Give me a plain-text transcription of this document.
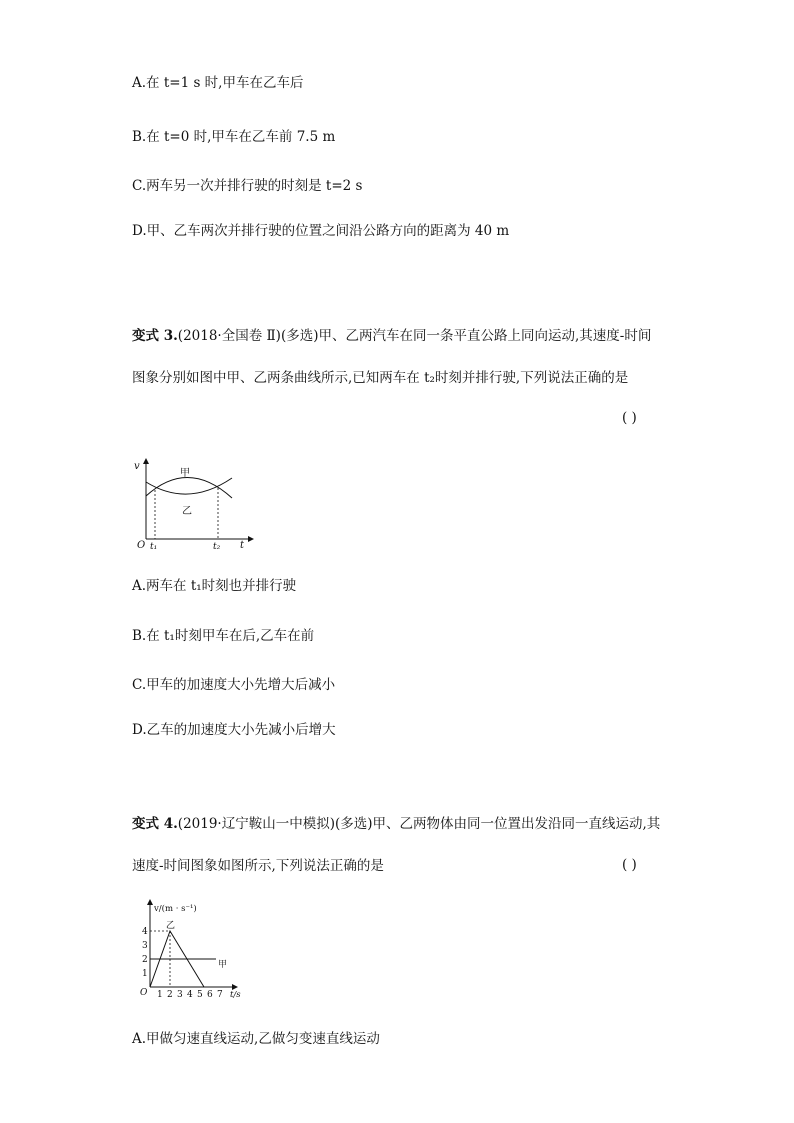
A.在 t=1 s 时,甲车在乙车后
B.在 t=0 时,甲车在乙车前 7.5 m
C.两车另一次并排行驶的时刻是 t=2 s
D.甲、乙车两次并排行驶的位置之间沿公路方向的距离为 40 m
变式 3.(2018·全国卷 Ⅱ)(多选)甲、乙两汽车在同一条平直公路上同向运动,其速度-时间
图象分别如图中甲、乙两条曲线所示,已知两车在 t₂时刻并排行驶,下列说法正确的是
( )
v
t
O t₁	t₂
甲
乙
A.两车在 t₁时刻也并排行驶
B.在 t₁时刻甲车在后,乙车在前
C.甲车的加速度大小先增大后减小
D.乙车的加速度大小先减小后增大
变式 4.(2019·辽宁鞍山一中模拟)(多选)甲、乙两物体由同一位置出发沿同一直线运动,其
速度-时间图象如图所示,下列说法正确的是	( )
v/(m · s⁻¹)
t/s
O
1
2
3
4
1 2 3 4 5 6 7
甲
乙
A.甲做匀速直线运动,乙做匀变速直线运动
